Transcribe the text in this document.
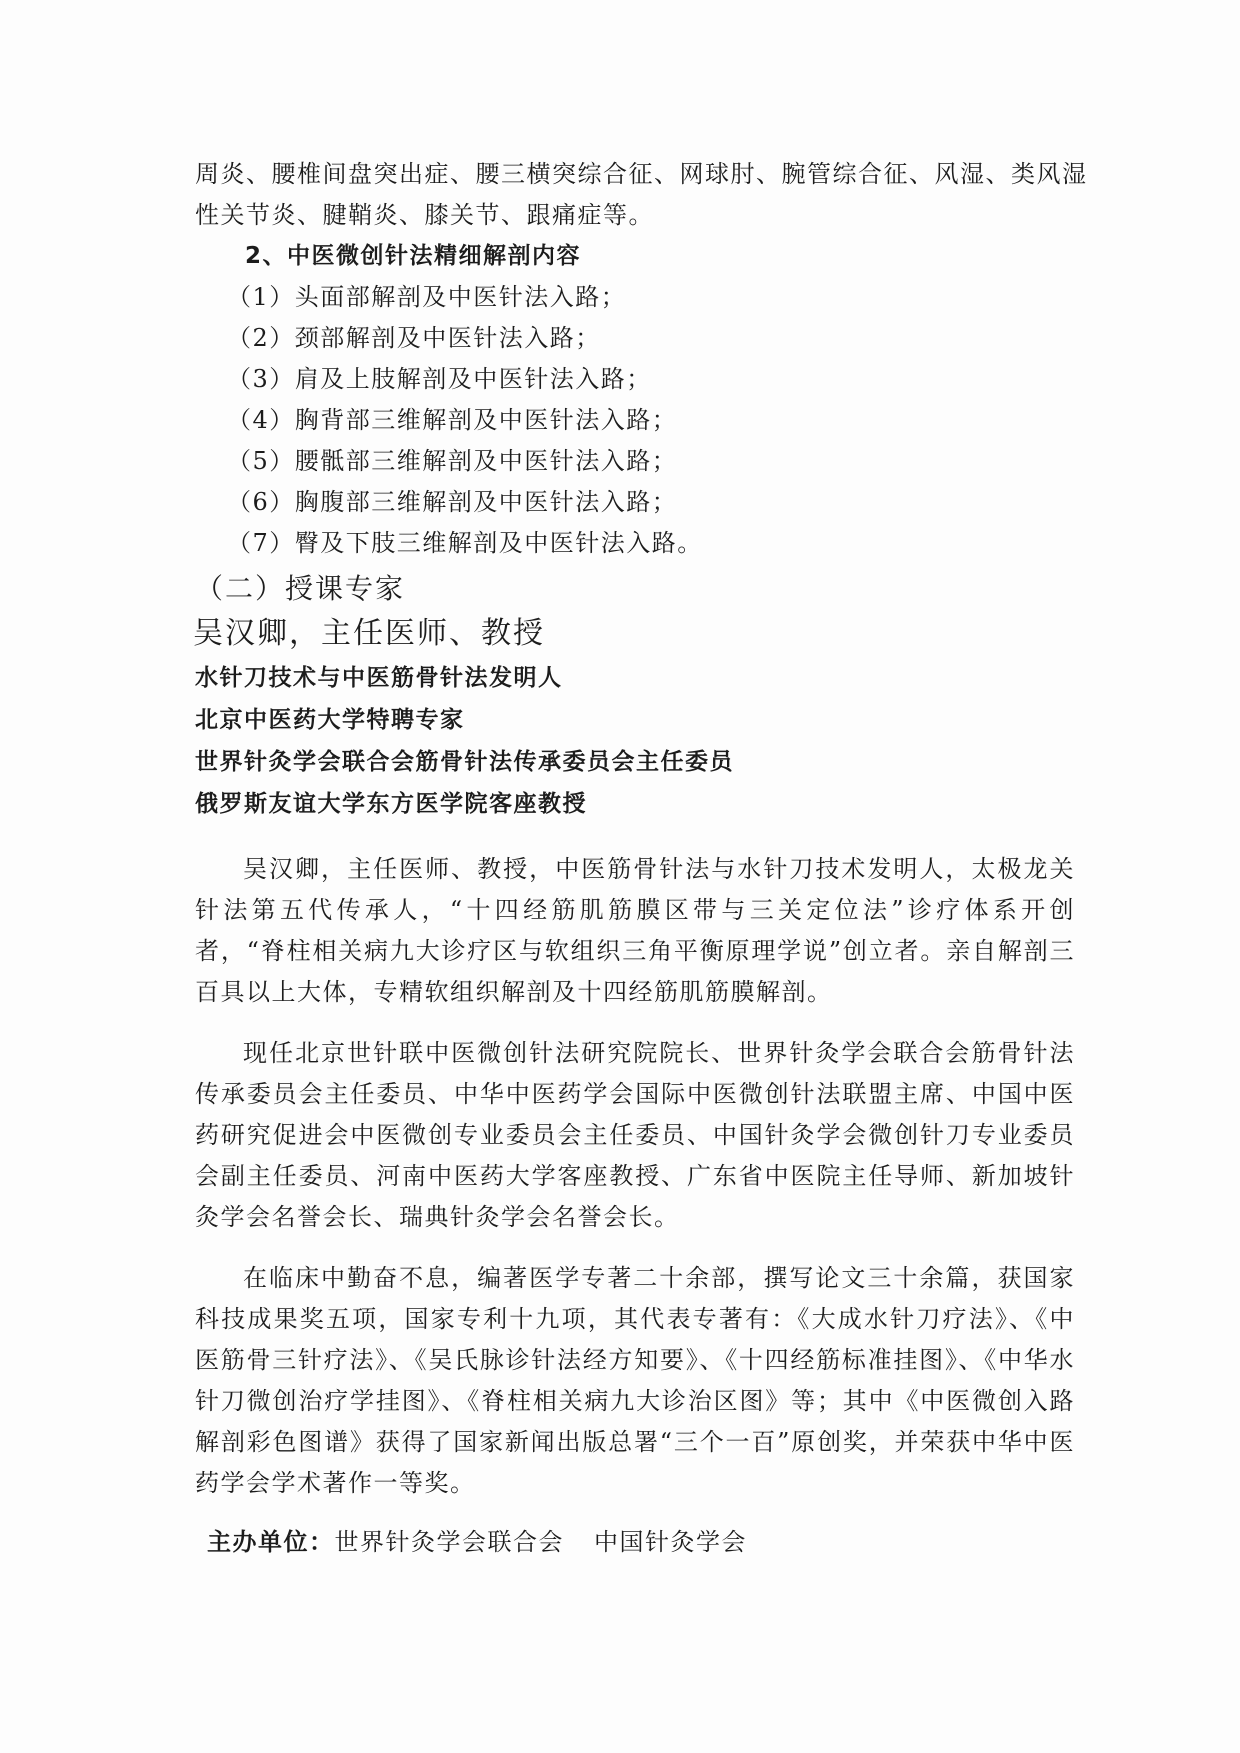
周炎、腰椎间盘突出症、腰三横突综合征、网球肘、腕管综合征、风湿、类风湿
性关节炎、腱鞘炎、膝关节、跟痛症等。
2、中医微创针法精细解剖内容
（1）头面部解剖及中医针法入路；
（2）颈部解剖及中医针法入路；
（3）肩及上肢解剖及中医针法入路；
（4）胸背部三维解剖及中医针法入路；
（5）腰骶部三维解剖及中医针法入路；
（6）胸腹部三维解剖及中医针法入路；
（7）臀及下肢三维解剖及中医针法入路。
（二）授课专家
吴汉卿，主任医师、教授
水针刀技术与中医筋骨针法发明人
北京中医药大学特聘专家
世界针灸学会联合会筋骨针法传承委员会主任委员
俄罗斯友谊大学东方医学院客座教授
吴汉卿，主任医师、教授，中医筋骨针法与水针刀技术发明人，太极龙关针法第五代传承人，“十四经筋肌筋膜区带与三关定位法”诊疗体系开创者，“脊柱相关病九大诊疗区与软组织三角平衡原理学说”创立者。亲自解剖三百具以上大体，专精软组织解剖及十四经筋肌筋膜解剖。
现任北京世针联中医微创针法研究院院长、世界针灸学会联合会筋骨针法传承委员会主任委员、中华中医药学会国际中医微创针法联盟主席、中国中医药研究促进会中医微创专业委员会主任委员、中国针灸学会微创针刀专业委员会副主任委员、河南中医药大学客座教授、广东省中医院主任导师、新加坡针灸学会名誉会长、瑞典针灸学会名誉会长。
在临床中勤奋不息，编著医学专著二十余部，撰写论文三十余篇，获国家科技成果奖五项，国家专利十九项，其代表专著有：《大成水针刀疗法》、《中医筋骨三针疗法》、《吴氏脉诊针法经方知要》、《十四经筋标准挂图》、《中华水针刀微创治疗学挂图》、《脊柱相关病九大诊治区图》等；其中《中医微创入路解剖彩色图谱》获得了国家新闻出版总署“三个一百”原创奖，并荣获中华中医药学会学术著作一等奖。
主办单位：世界针灸学会联合会 中国针灸学会
